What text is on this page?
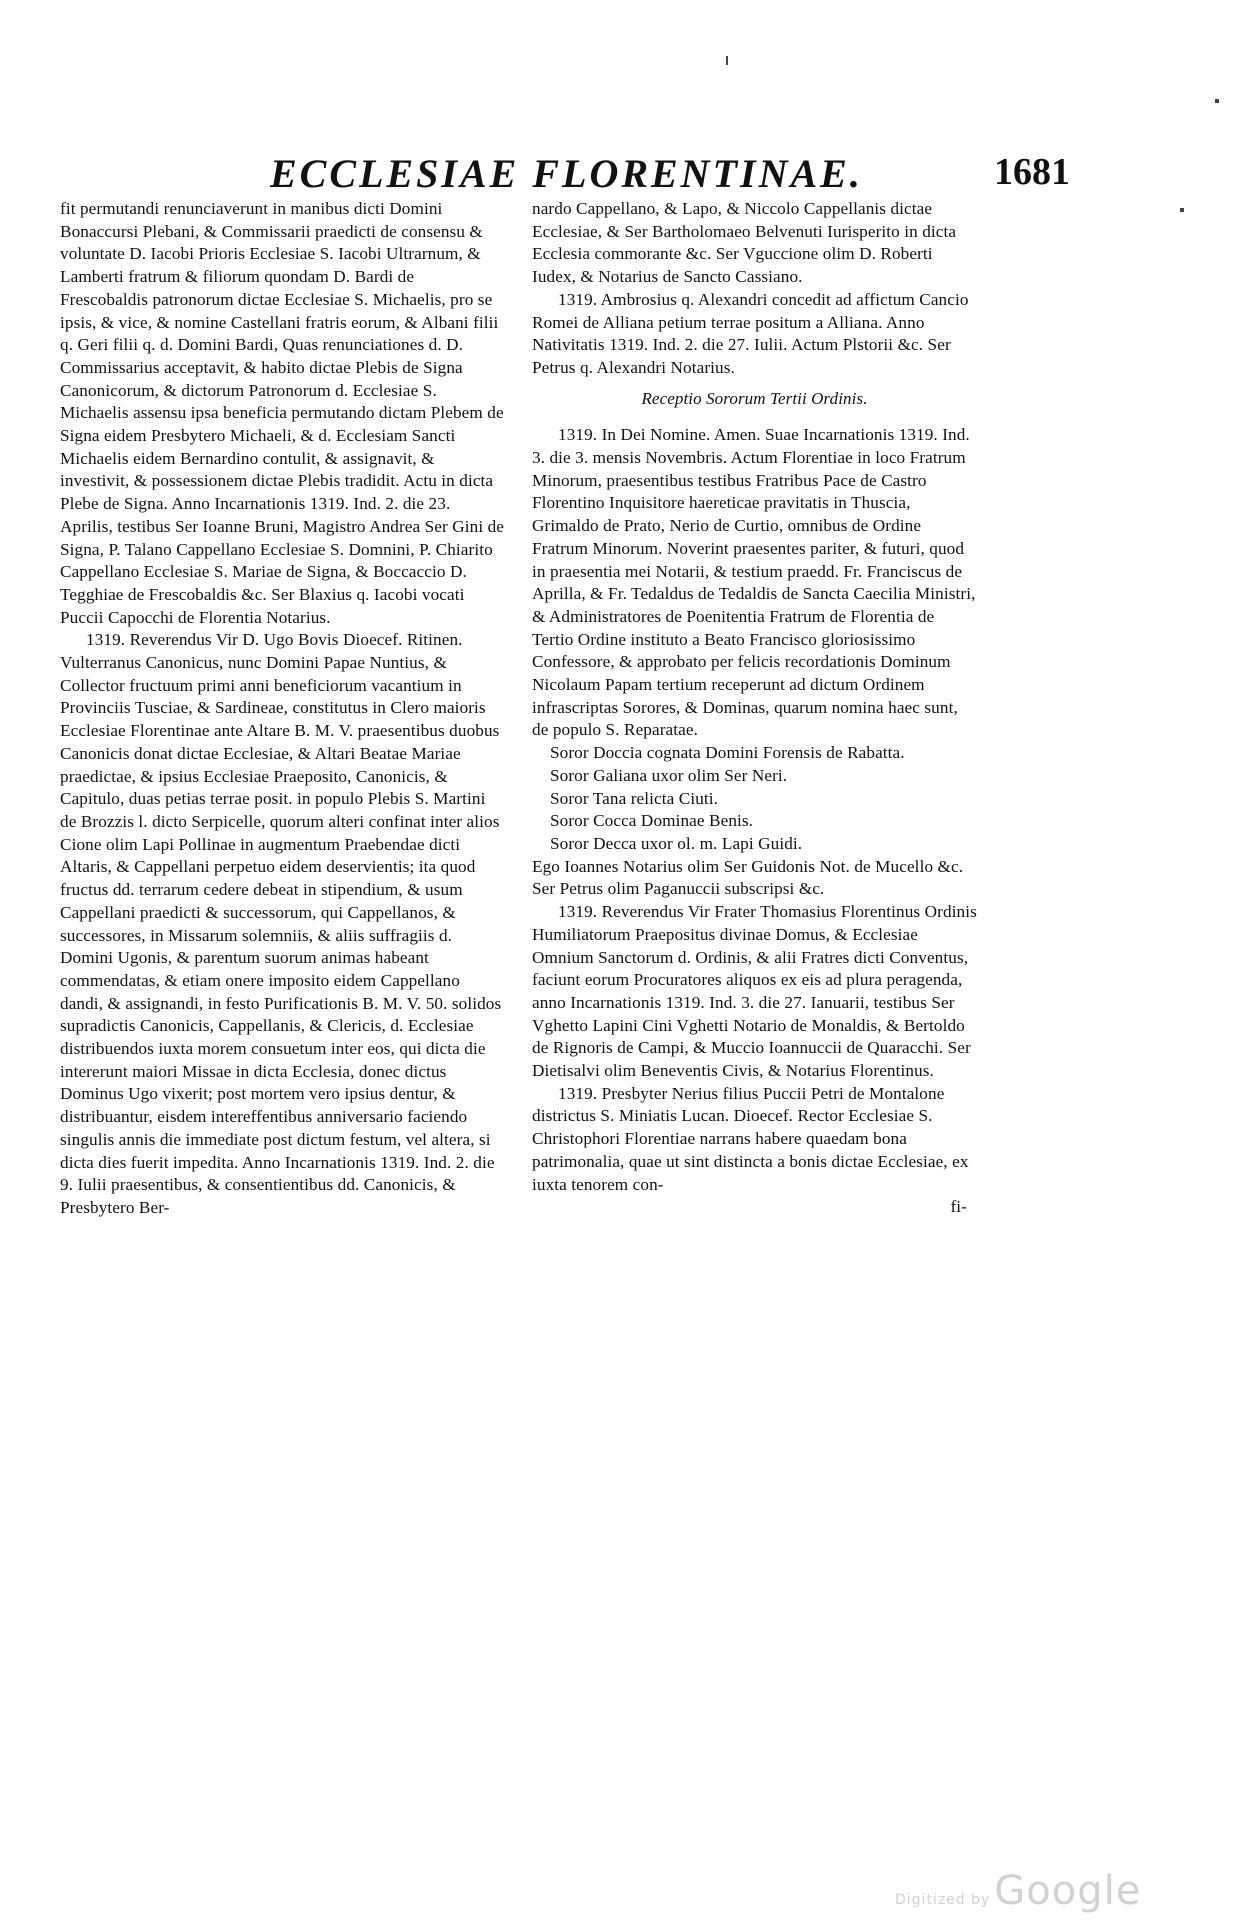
ECCLESIAE FLORENTINAE.	1681

fit permutandi renunciaverunt in manibus dicti Domini Bonaccursi Plebani, & Commissarii praedicti de consensu & voluntate D. Iacobi Prioris Ecclesiae S. Iacobi Ultrarnum, & Lamberti fratrum & filiorum quondam D. Bardi de Frescobaldis patronorum dictae Ecclesiae S. Michaelis, pro se ipsis, & vice, & nomine Castellani fratris eorum, & Albani filii q. Geri filii q. d. Domini Bardi, Quas renunciationes d. D. Commissarius acceptavit, & habito dictae Plebis de Signa Canonicorum, & dictorum Patronorum d. Ecclesiae S. Michaelis assensu ipsa beneficia permutando dictam Plebem de Signa eidem Presbytero Michaeli, & d. Ecclesiam Sancti Michaelis eidem Bernardino contulit, & assignavit, & investivit, & possessionem dictae Plebis tradidit. Actu in dicta Plebe de Signa. Anno Incarnationis 1319. Ind. 2. die 23. Aprilis, testibus Ser Ioanne Bruni, Magistro Andrea Ser Gini de Signa, P. Talano Cappellano Ecclesiae S. Domnini, P. Chiarito Cappellano Ecclesiae S. Mariae de Signa, & Boccaccio D. Tegghiae de Frescobaldis &c. Ser Blaxius q. Iacobi vocati Puccii Capocchi de Florentia Notarius.

1319. Reverendus Vir D. Ugo Bovis Dioecef. Ritinen. Vulterranus Canonicus, nunc Domini Papae Nuntius, & Collector fructuum primi anni beneficiorum vacantium in Provinciis Tusciae, & Sardineae, constitutus in Clero maioris Ecclesiae Florentinae ante Altare B. M. V. praesentibus duobus Canonicis donat dictae Ecclesiae, & Altari Beatae Mariae praedictae, & ipsius Ecclesiae Praeposito, Canonicis, & Capitulo, duas petias terrae posit. in populo Plebis S. Martini de Brozzis l. dicto Serpicelle, quorum alteri confinat inter alios Cione olim Lapi Pollinae in augmentum Praebendae dicti Altaris, & Cappellani perpetuo eidem deservientis; ita quod fructus dd. terrarum cedere debeat in stipendium, & usum Cappellani praedicti & successorum, qui Cappellanos, & successores, in Missarum solemniis, & aliis suffragiis d. Domini Ugonis, & parentum suorum animas habeant commendatas, & etiam onere imposito eidem Cappellano dandi, & assignandi, in festo Purificationis B. M. V. 50. solidos supradictis Canonicis, Cappellanis, & Clericis, d. Ecclesiae distribuendos iuxta morem consuetum inter eos, qui dicta die intererunt maiori Missae in dicta Ecclesia, donec dictus Dominus Ugo vixerit; post mortem vero ipsius dentur, & distribuantur, eisdem intereffentibus anniversario faciendo singulis annis die immediate post dictum festum, vel altera, si dicta dies fuerit impedita. Anno Incarnationis 1319. Ind. 2. die 9. Iulii praesentibus, & consentientibus dd. Canonicis, & Presbytero Ber-

nardo Cappellano, & Lapo, & Niccolo Cappellanis dictae Ecclesiae, & Ser Bartholomaeo Belvenuti Iurisperito in dicta Ecclesia commorante &c. Ser Vguccione olim D. Roberti Iudex, & Notarius de Sancto Cassiano.

1319. Ambrosius q. Alexandri concedit ad affictum Cancio Romei de Alliana petium terrae positum a Alliana. Anno Nativitatis 1319. Ind. 2. die 27. Iulii. Actum Plstorii &c. Ser Petrus q. Alexandri Notarius.

Receptio Sororum Tertii Ordinis.

1319. In Dei Nomine. Amen. Suae Incarnationis 1319. Ind. 3. die 3. mensis Novembris. Actum Florentiae in loco Fratrum Minorum, praesentibus testibus Fratribus Pace de Castro Florentino Inquisitore haereticae pravitatis in Thuscia, Grimaldo de Prato, Nerio de Curtio, omnibus de Ordine Fratrum Minorum. Noverint praesentes pariter, & futuri, quod in praesentia mei Notarii, & testium praedd. Fr. Franciscus de Aprilla, & Fr. Tedaldus de Tedaldis de Sancta Caecilia Ministri, & Administratores de Poenitentia Fratrum de Florentia de Tertio Ordine instituto a Beato Francisco gloriosissimo Confessore, & approbato per felicis recordationis Dominum Nicolaum Papam tertium receperunt ad dictum Ordinem infrascriptas Sorores, & Dominas, quarum nomina haec sunt, de populo S. Reparatae.

Soror Doccia cognata Domini Forensis de Rabatta.

Soror Galiana uxor olim Ser Neri.

Soror Tana relicta Ciuti.

Soror Cocca Dominae Benis.

Soror Decca uxor ol. m. Lapi Guidi.

Ego Ioannes Notarius olim Ser Guidonis Not. de Mucello &c. Ser Petrus olim Paganuccii subscripsi &c.

1319. Reverendus Vir Frater Thomasius Florentinus Ordinis Humiliatorum Praepositus divinae Domus, & Ecclesiae Omnium Sanctorum d. Ordinis, & alii Fratres dicti Conventus, faciunt eorum Procuratores aliquos ex eis ad plura peragenda, anno Incarnationis 1319. Ind. 3. die 27. Ianuarii, testibus Ser Vghetto Lapini Cini Vghetti Notario de Monaldis, & Bertoldo de Rignoris de Campi, & Muccio Ioannuccii de Quaracchi. Ser Dietisalvi olim Beneventis Civis, & Notarius Florentinus.

1319. Presbyter Nerius filius Puccii Petri de Montalone districtus S. Miniatis Lucan. Dioecef. Rector Ecclesiae S. Christophori Florentiae narrans habere quaedam bona patrimonalia, quae ut sint distincta a bonis dictae Ecclesiae, ex iuxta tenorem con-

fi-
Digitized by Google
